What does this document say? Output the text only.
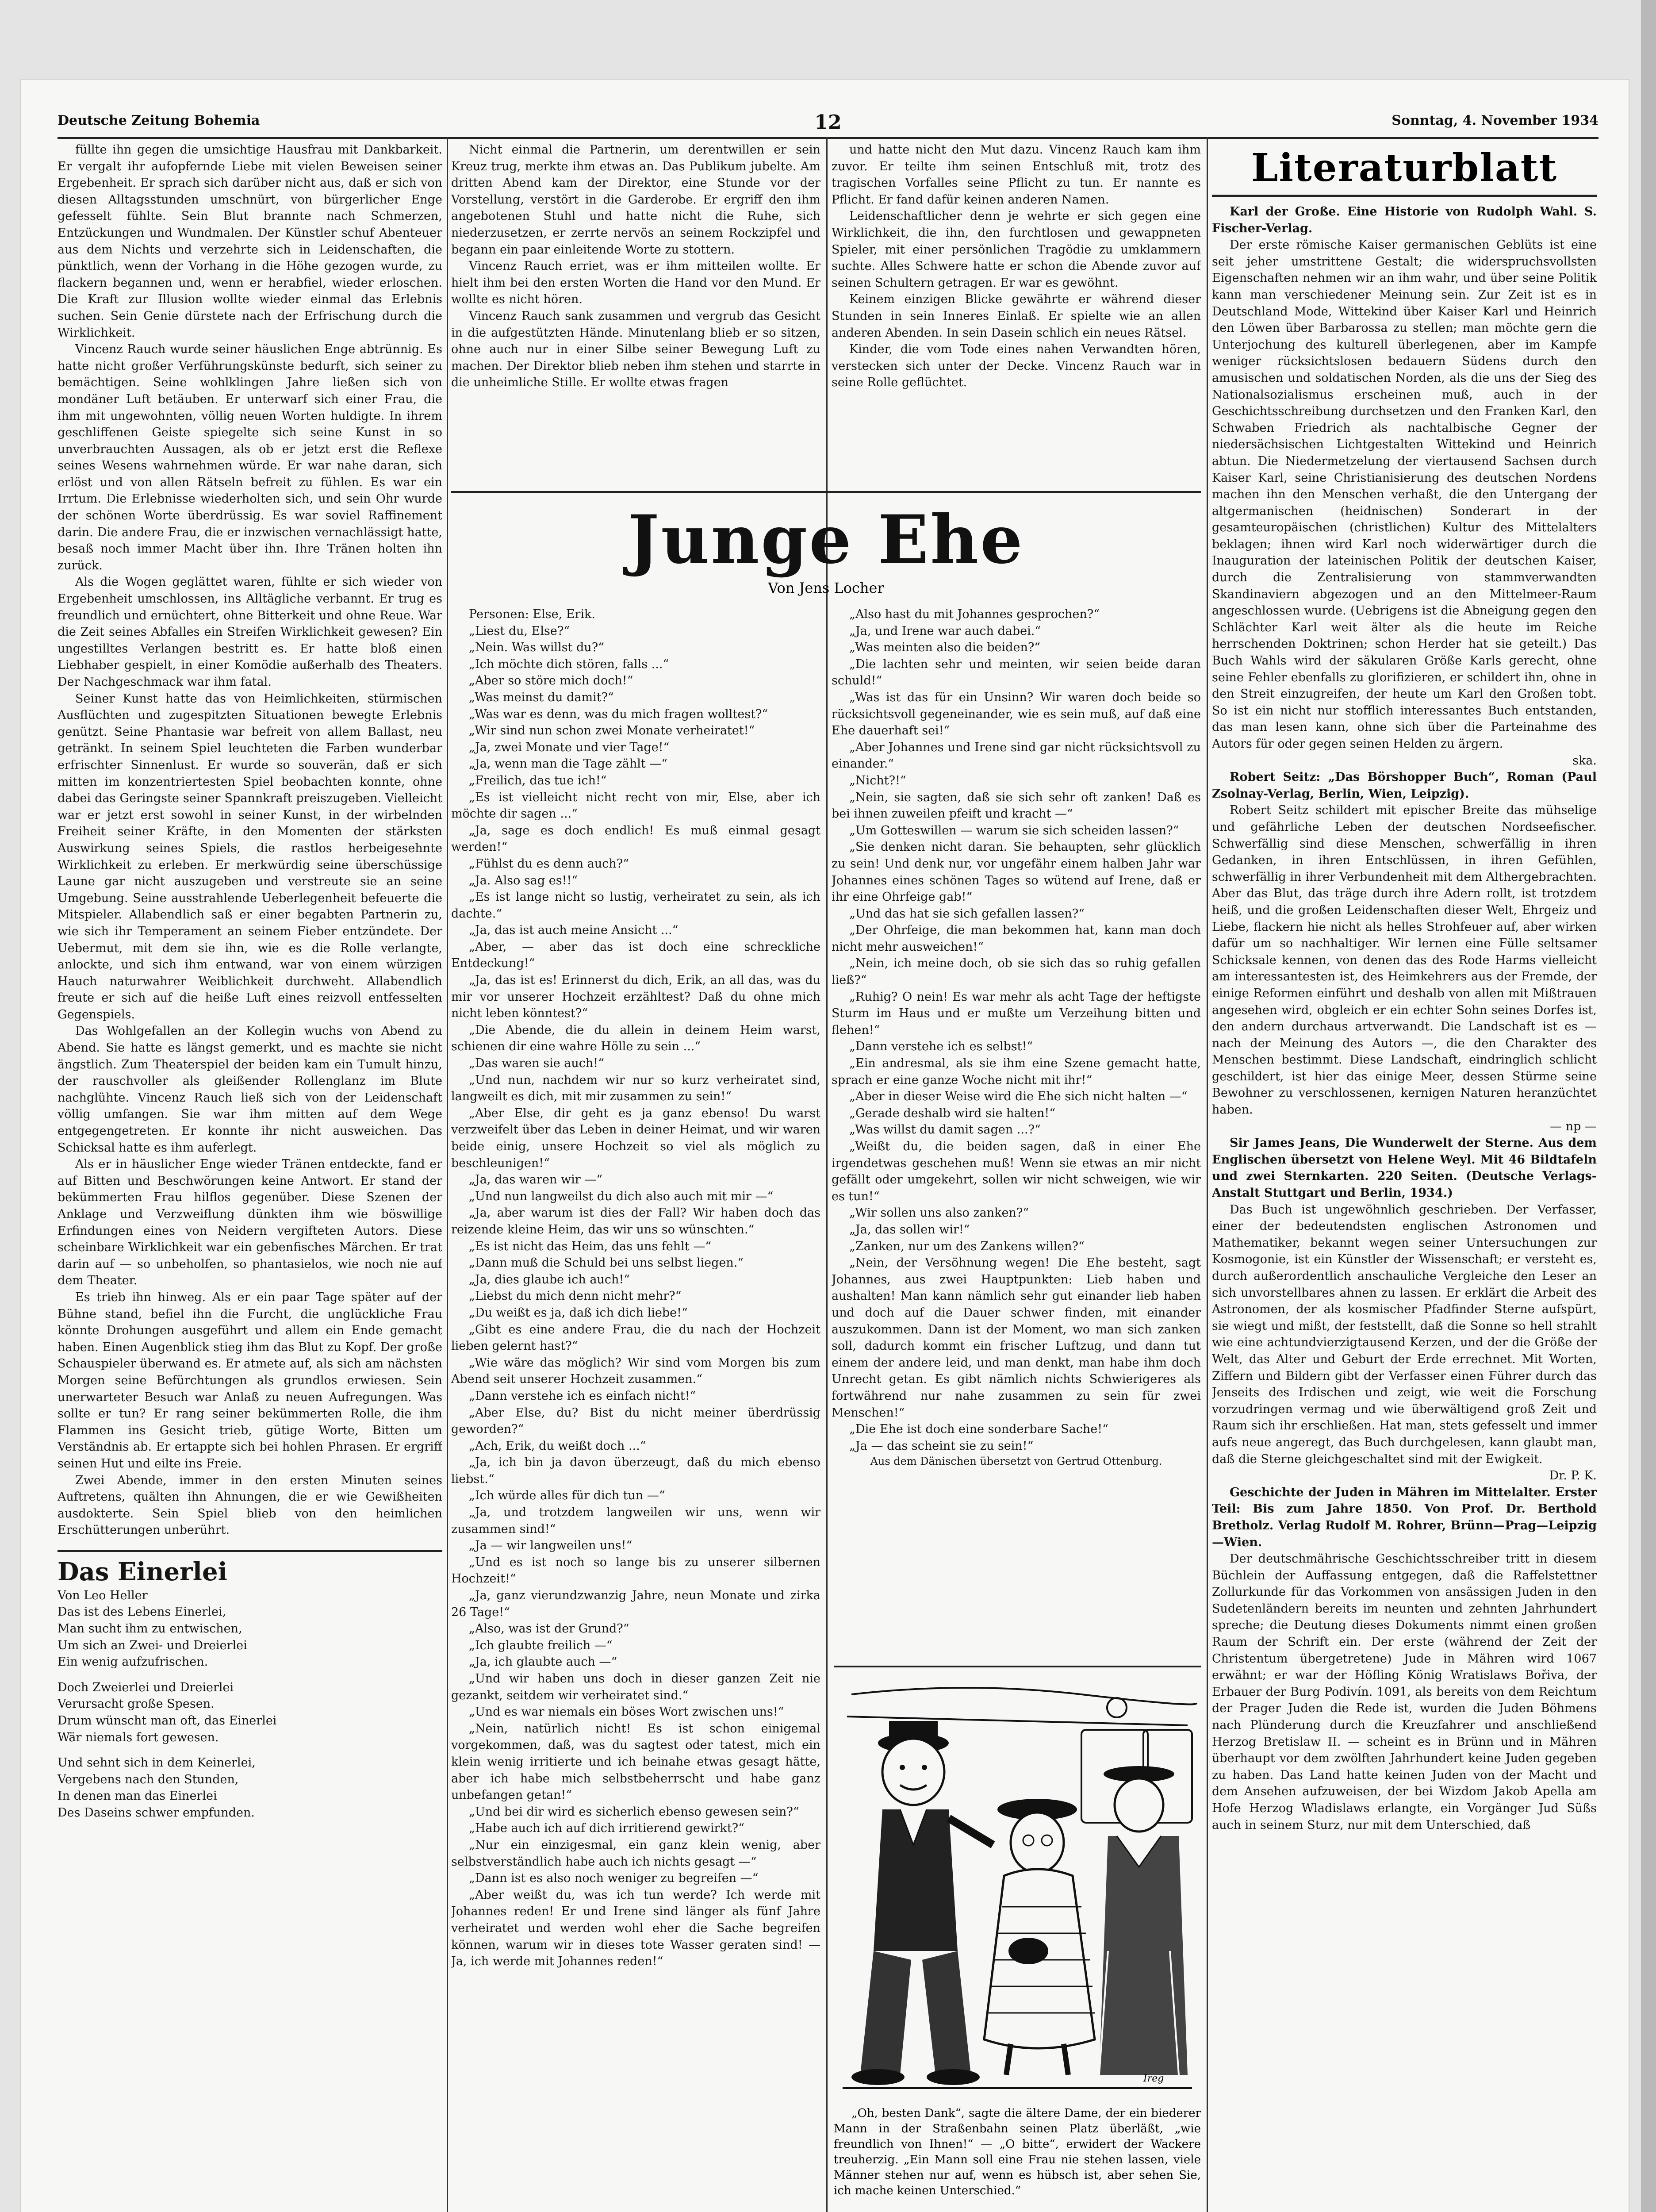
Deutsche Zeitung Bohemia	12	Sonntag, 4. November 1934

füllte ihn gegen die umsichtige Hausfrau mit Dankbarkeit. Er vergalt ihr aufopfernde Liebe mit vielen Beweisen seiner Ergebenheit. Er sprach sich darüber nicht aus, daß er sich von diesen Alltagsstunden umschnürt, von bürgerlicher Enge gefesselt fühlte. Sein Blut brannte nach Schmerzen, Entzückungen und Wundmalen. Der Künstler schuf Abenteuer aus dem Nichts und verzehrte sich in Leidenschaften, die pünktlich, wenn der Vorhang in die Höhe gezogen wurde, zu flackern begannen und, wenn er herabfiel, wieder erloschen. Die Kraft zur Illusion wollte wieder einmal das Erlebnis suchen. Sein Genie dürstete nach der Erfrischung durch die Wirklichkeit.

Vincenz Rauch wurde seiner häuslichen Enge abtrünnig. Es hatte nicht großer Verführungskünste bedurft, sich seiner zu bemächtigen. Seine wohlklingen Jahre ließen sich von mondäner Luft betäuben. Er unterwarf sich einer Frau, die ihm mit ungewohnten, völlig neuen Worten huldigte. In ihrem geschliffenen Geiste spiegelte sich seine Kunst in so unverbrauchten Aussagen, als ob er jetzt erst die Reflexe seines Wesens wahrnehmen würde. Er war nahe daran, sich erlöst und von allen Rätseln befreit zu fühlen. Es war ein Irrtum. Die Erlebnisse wiederholten sich, und sein Ohr wurde der schönen Worte überdrüssig. Es war soviel Raffinement darin. Die andere Frau, die er inzwischen vernachlässigt hatte, besaß noch immer Macht über ihn. Ihre Tränen holten ihn zurück.

Als die Wogen geglättet waren, fühlte er sich wieder von Ergebenheit umschlossen, ins Alltägliche verbannt. Er trug es freundlich und ernüchtert, ohne Bitterkeit und ohne Reue. War die Zeit seines Abfalles ein Streifen Wirklichkeit gewesen? Ein ungestilltes Verlangen bestritt es. Er hatte bloß einen Liebhaber gespielt, in einer Komödie außerhalb des Theaters. Der Nachgeschmack war ihm fatal.

Seiner Kunst hatte das von Heimlichkeiten, stürmischen Ausflüchten und zugespitzten Situationen bewegte Erlebnis genützt. Seine Phantasie war befreit von allem Ballast, neu getränkt. In seinem Spiel leuchteten die Farben wunderbar erfrischter Sinnenlust. Er wurde so souverän, daß er sich mitten im konzentriertesten Spiel beobachten konnte, ohne dabei das Geringste seiner Spannkraft preiszugeben. Vielleicht war er jetzt erst sowohl in seiner Kunst, in der wirbelnden Freiheit seiner Kräfte, in den Momenten der stärksten Auswirkung seines Spiels, die rastlos herbeigesehnte Wirklichkeit zu erleben. Er merkwürdig seine überschüssige Laune gar nicht auszugeben und verstreute sie an seine Umgebung. Seine ausstrahlende Ueberlegenheit befeuerte die Mitspieler. Allabendlich saß er einer begabten Partnerin zu, wie sich ihr Temperament an seinem Fieber entzündete. Der Uebermut, mit dem sie ihn, wie es die Rolle verlangte, anlockte, und sich ihm entwand, war von einem würzigen Hauch naturwahrer Weiblichkeit durchweht. Allabendlich freute er sich auf die heiße Luft eines reizvoll entfesselten Gegenspiels.

Das Wohlgefallen an der Kollegin wuchs von Abend zu Abend. Sie hatte es längst gemerkt, und es machte sie nicht ängstlich. Zum Theaterspiel der beiden kam ein Tumult hinzu, der rauschvoller als gleißender Rollenglanz im Blute nachglühte. Vincenz Rauch ließ sich von der Leidenschaft völlig umfangen. Sie war ihm mitten auf dem Wege entgegengetreten. Er konnte ihr nicht ausweichen. Das Schicksal hatte es ihm auferlegt.

Als er in häuslicher Enge wieder Tränen entdeckte, fand er auf Bitten und Beschwörungen keine Antwort. Er stand der bekümmerten Frau hilflos gegenüber. Diese Szenen der Anklage und Verzweiflung dünkten ihm wie böswillige Erfindungen eines von Neidern vergifteten Autors. Diese scheinbare Wirklichkeit war ein gebenfisches Märchen. Er trat darin auf — so unbeholfen, so phantasielos, wie noch nie auf dem Theater.

Es trieb ihn hinweg. Als er ein paar Tage später auf der Bühne stand, befiel ihn die Furcht, die unglückliche Frau könnte Drohungen ausgeführt und allem ein Ende gemacht haben. Einen Augenblick stieg ihm das Blut zu Kopf. Der große Schauspieler überwand es. Er atmete auf, als sich am nächsten Morgen seine Befürchtungen als grundlos erwiesen. Sein unerwarteter Besuch war Anlaß zu neuen Aufregungen. Was sollte er tun? Er rang seiner bekümmerten Rolle, die ihm Flammen ins Gesicht trieb, gütige Worte, Bitten um Verständnis ab. Er ertappte sich bei hohlen Phrasen. Er ergriff seinen Hut und eilte ins Freie.

Zwei Abende, immer in den ersten Minuten seines Auftretens, quälten ihn Ahnungen, die er wie Gewißheiten ausdokterte. Sein Spiel blieb von den heimlichen Erschütterungen unberührt.

Das Einerlei

Von Leo Heller

Das ist des Lebens Einerlei,

Man sucht ihm zu entwischen,

Um sich an Zwei- und Dreierlei

Ein wenig aufzufrischen.

Doch Zweierlei und Dreierlei

Verursacht große Spesen.

Drum wünscht man oft, das Einerlei

Wär niemals fort gewesen.

Und sehnt sich in dem Keinerlei,

Vergebens nach den Stunden,

In denen man das Einerlei

Des Daseins schwer empfunden.

Nicht einmal die Partnerin, um derentwillen er sein Kreuz trug, merkte ihm etwas an. Das Publikum jubelte. Am dritten Abend kam der Direktor, eine Stunde vor der Vorstellung, verstört in die Garderobe. Er ergriff den ihm angebotenen Stuhl und hatte nicht die Ruhe, sich niederzusetzen, er zerrte nervös an seinem Rockzipfel und begann ein paar einleitende Worte zu stottern.

Vincenz Rauch erriet, was er ihm mitteilen wollte. Er hielt ihm bei den ersten Worten die Hand vor den Mund. Er wollte es nicht hören.

Vincenz Rauch sank zusammen und vergrub das Gesicht in die aufgestützten Hände. Minutenlang blieb er so sitzen, ohne auch nur in einer Silbe seiner Bewegung Luft zu machen. Der Direktor blieb neben ihm stehen und starrte in die unheimliche Stille. Er wollte etwas fragen

und hatte nicht den Mut dazu. Vincenz Rauch kam ihm zuvor. Er teilte ihm seinen Entschluß mit, trotz des tragischen Vorfalles seine Pflicht zu tun. Er nannte es Pflicht. Er fand dafür keinen anderen Namen.

Leidenschaftlicher denn je wehrte er sich gegen eine Wirklichkeit, die ihn, den furchtlosen und gewappneten Spieler, mit einer persönlichen Tragödie zu umklammern suchte. Alles Schwere hatte er schon die Abende zuvor auf seinen Schultern getragen. Er war es gewöhnt.

Keinem einzigen Blicke gewährte er während dieser Stunden in sein Inneres Einlaß. Er spielte wie an allen anderen Abenden. In sein Dasein schlich ein neues Rätsel.

Kinder, die vom Tode eines nahen Verwandten hören, verstecken sich unter der Decke. Vincenz Rauch war in seine Rolle geflüchtet.

Junge Ehe
Von Jens Locher

Personen: Else, Erik.

„Liest du, Else?“

„Nein. Was willst du?“

„Ich möchte dich stören, falls ...“

„Aber so störe mich doch!“

„Was meinst du damit?“

„Was war es denn, was du mich fragen wolltest?“

„Wir sind nun schon zwei Monate verheiratet!“

„Ja, zwei Monate und vier Tage!“

„Ja, wenn man die Tage zählt —“

„Freilich, das tue ich!“

„Es ist vielleicht nicht recht von mir, Else, aber ich möchte dir sagen ...“

„Ja, sage es doch endlich! Es muß einmal gesagt werden!“

„Fühlst du es denn auch?“

„Ja. Also sag es!!“

„Es ist lange nicht so lustig, verheiratet zu sein, als ich dachte.“

„Ja, das ist auch meine Ansicht ...“

„Aber, — aber das ist doch eine schreckliche Entdeckung!“

„Ja, das ist es! Erinnerst du dich, Erik, an all das, was du mir vor unserer Hochzeit erzähltest? Daß du ohne mich nicht leben könntest?“

„Die Abende, die du allein in deinem Heim warst, schienen dir eine wahre Hölle zu sein ...“

„Das waren sie auch!“

„Und nun, nachdem wir nur so kurz verheiratet sind, langweilt es dich, mit mir zusammen zu sein!“

„Aber Else, dir geht es ja ganz ebenso! Du warst verzweifelt über das Leben in deiner Heimat, und wir waren beide einig, unsere Hochzeit so viel als möglich zu beschleunigen!“

„Ja, das waren wir —“

„Und nun langweilst du dich also auch mit mir —“

„Ja, aber warum ist dies der Fall? Wir haben doch das reizende kleine Heim, das wir uns so wünschten.“

„Es ist nicht das Heim, das uns fehlt —“

„Dann muß die Schuld bei uns selbst liegen.“

„Ja, dies glaube ich auch!“

„Liebst du mich denn nicht mehr?“

„Du weißt es ja, daß ich dich liebe!“

„Gibt es eine andere Frau, die du nach der Hochzeit lieben gelernt hast?“

„Wie wäre das möglich? Wir sind vom Morgen bis zum Abend seit unserer Hochzeit zusammen.“

„Dann verstehe ich es einfach nicht!“

„Aber Else, du? Bist du nicht meiner überdrüssig geworden?“

„Ach, Erik, du weißt doch ...“

„Ja, ich bin ja davon überzeugt, daß du mich ebenso liebst.“

„Ich würde alles für dich tun —“

„Ja, und trotzdem langweilen wir uns, wenn wir zusammen sind!“

„Ja — wir langweilen uns!“

„Und es ist noch so lange bis zu unserer silbernen Hochzeit!“

„Ja, ganz vierundzwanzig Jahre, neun Monate und zirka 26 Tage!“

„Also, was ist der Grund?“

„Ich glaubte freilich —“

„Ja, ich glaubte auch —“

„Und wir haben uns doch in dieser ganzen Zeit nie gezankt, seitdem wir verheiratet sind.“

„Und es war niemals ein böses Wort zwischen uns!“

„Nein, natürlich nicht! Es ist schon einigemal vorgekommen, daß, was du sagtest oder tatest, mich ein klein wenig irritierte und ich beinahe etwas gesagt hätte, aber ich habe mich selbstbeherrscht und habe ganz unbefangen getan!“

„Und bei dir wird es sicherlich ebenso gewesen sein?“

„Habe auch ich auf dich irritierend gewirkt?“

„Nur ein einzigesmal, ein ganz klein wenig, aber selbstverständlich habe auch ich nichts gesagt —“

„Dann ist es also noch weniger zu begreifen —“

„Aber weißt du, was ich tun werde? Ich werde mit Johannes reden! Er und Irene sind länger als fünf Jahre verheiratet und werden wohl eher die Sache begreifen können, warum wir in dieses tote Wasser geraten sind! — Ja, ich werde mit Johannes reden!“

„Also hast du mit Johannes gesprochen?“

„Ja, und Irene war auch dabei.“

„Was meinten also die beiden?“

„Die lachten sehr und meinten, wir seien beide daran schuld!“

„Was ist das für ein Unsinn? Wir waren doch beide so rücksichtsvoll gegeneinander, wie es sein muß, auf daß eine Ehe dauerhaft sei!“

„Aber Johannes und Irene sind gar nicht rücksichtsvoll zu einander.“

„Nicht?!“

„Nein, sie sagten, daß sie sich sehr oft zanken! Daß es bei ihnen zuweilen pfeift und kracht —“

„Um Gotteswillen — warum sie sich scheiden lassen?“

„Sie denken nicht daran. Sie behaupten, sehr glücklich zu sein! Und denk nur, vor ungefähr einem halben Jahr war Johannes eines schönen Tages so wütend auf Irene, daß er ihr eine Ohrfeige gab!“

„Und das hat sie sich gefallen lassen?“

„Der Ohrfeige, die man bekommen hat, kann man doch nicht mehr ausweichen!“

„Nein, ich meine doch, ob sie sich das so ruhig gefallen ließ?“

„Ruhig? O nein! Es war mehr als acht Tage der heftigste Sturm im Haus und er mußte um Verzeihung bitten und flehen!“

„Dann verstehe ich es selbst!“

„Ein andresmal, als sie ihm eine Szene gemacht hatte, sprach er eine ganze Woche nicht mit ihr!“

„Aber in dieser Weise wird die Ehe sich nicht halten —“

„Gerade deshalb wird sie halten!“

„Was willst du damit sagen ...?“

„Weißt du, die beiden sagen, daß in einer Ehe irgendetwas geschehen muß! Wenn sie etwas an mir nicht gefällt oder umgekehrt, sollen wir nicht schweigen, wie wir es tun!“

„Wir sollen uns also zanken?“

„Ja, das sollen wir!“

„Zanken, nur um des Zankens willen?“

„Nein, der Versöhnung wegen! Die Ehe besteht, sagt Johannes, aus zwei Hauptpunkten: Lieb haben und aushalten! Man kann nämlich sehr gut einander lieb haben und doch auf die Dauer schwer finden, mit einander auszukommen. Dann ist der Moment, wo man sich zanken soll, dadurch kommt ein frischer Luftzug, und dann tut einem der andere leid, und man denkt, man habe ihm doch Unrecht getan. Es gibt nämlich nichts Schwierigeres als fortwährend nur nahe zusammen zu sein für zwei Menschen!“

„Die Ehe ist doch eine sonderbare Sache!“

„Ja — das scheint sie zu sein!“

Aus dem Dänischen übersetzt von Gertrud Ottenburg.

Ireg

„Oh, besten Dank“, sagte die ältere Dame, der ein biederer Mann in der Straßenbahn seinen Platz überläßt, „wie freundlich von Ihnen!“ — „O bitte“, erwidert der Wackere treuherzig. „Ein Mann soll eine Frau nie stehen lassen, viele Männer stehen nur auf, wenn es hübsch ist, aber sehen Sie, ich mache keinen Unterschied.“

Literaturblatt

Karl der Große. Eine Historie von Rudolph Wahl. S. Fischer-Verlag.

Der erste römische Kaiser germanischen Geblüts ist eine seit jeher umstrittene Gestalt; die widerspruchsvollsten Eigenschaften nehmen wir an ihm wahr, und über seine Politik kann man verschiedener Meinung sein. Zur Zeit ist es in Deutschland Mode, Wittekind über Kaiser Karl und Heinrich den Löwen über Barbarossa zu stellen; man möchte gern die Unterjochung des kulturell überlegenen, aber im Kampfe weniger rücksichtslosen bedauern Südens durch den amusischen und soldatischen Norden, als die uns der Sieg des Nationalsozialismus erscheinen muß, auch in der Geschichtsschreibung durchsetzen und den Franken Karl, den Schwaben Friedrich als nachtalbische Gegner der niedersächsischen Lichtgestalten Wittekind und Heinrich abtun. Die Niedermetzelung der viertausend Sachsen durch Kaiser Karl, seine Christianisierung des deutschen Nordens machen ihn den Menschen verhaßt, die den Untergang der altgermanischen (heidnischen) Sonderart in der gesamteuropäischen (christlichen) Kultur des Mittelalters beklagen; ihnen wird Karl noch widerwärtiger durch die Inauguration der lateinischen Politik der deutschen Kaiser, durch die Zentralisierung von stammverwandten Skandinaviern abgezogen und an den Mittelmeer-Raum angeschlossen wurde. (Uebrigens ist die Abneigung gegen den Schlächter Karl weit älter als die heute im Reiche herrschenden Doktrinen; schon Herder hat sie geteilt.) Das Buch Wahls wird der säkularen Größe Karls gerecht, ohne seine Fehler ebenfalls zu glorifizieren, er schildert ihn, ohne in den Streit einzugreifen, der heute um Karl den Großen tobt. So ist ein nicht nur stofflich interessantes Buch entstanden, das man lesen kann, ohne sich über die Parteinahme des Autors für oder gegen seinen Helden zu ärgern.

ska.

Robert Seitz: „Das Börshopper Buch“, Roman (Paul Zsolnay-Verlag, Berlin, Wien, Leipzig).

Robert Seitz schildert mit epischer Breite das mühselige und gefährliche Leben der deutschen Nordseefischer. Schwerfällig sind diese Menschen, schwerfällig in ihren Gedanken, in ihren Entschlüssen, in ihren Gefühlen, schwerfällig in ihrer Verbundenheit mit dem Althergebrachten. Aber das Blut, das träge durch ihre Adern rollt, ist trotzdem heiß, und die großen Leidenschaften dieser Welt, Ehrgeiz und Liebe, flackern hie nicht als helles Strohfeuer auf, aber wirken dafür um so nachhaltiger. Wir lernen eine Fülle seltsamer Schicksale kennen, von denen das des Rode Harms vielleicht am interessantesten ist, des Heimkehrers aus der Fremde, der einige Reformen einführt und deshalb von allen mit Mißtrauen angesehen wird, obgleich er ein echter Sohn seines Dorfes ist, den andern durchaus artverwandt. Die Landschaft ist es — nach der Meinung des Autors —, die den Charakter des Menschen bestimmt. Diese Landschaft, eindringlich schlicht geschildert, ist hier das einige Meer, dessen Stürme seine Bewohner zu verschlossenen, kernigen Naturen heranzüchtet haben.

— np —

Sir James Jeans, Die Wunderwelt der Sterne. Aus dem Englischen übersetzt von Helene Weyl. Mit 46 Bildtafeln und zwei Sternkarten. 220 Seiten. (Deutsche Verlags-Anstalt Stuttgart und Berlin, 1934.)

Das Buch ist ungewöhnlich geschrieben. Der Verfasser, einer der bedeutendsten englischen Astronomen und Mathematiker, bekannt wegen seiner Untersuchungen zur Kosmogonie, ist ein Künstler der Wissenschaft; er versteht es, durch außerordentlich anschauliche Vergleiche den Leser an sich unvorstellbares ahnen zu lassen. Er erklärt die Arbeit des Astronomen, der als kosmischer Pfadfinder Sterne aufspürt, sie wiegt und mißt, der feststellt, daß die Sonne so hell strahlt wie eine achtundvierzigtausend Kerzen, und der die Größe der Welt, das Alter und Geburt der Erde errechnet. Mit Worten, Ziffern und Bildern gibt der Verfasser einen Führer durch das Jenseits des Irdischen und zeigt, wie weit die Forschung vorzudringen vermag und wie überwältigend groß Zeit und Raum sich ihr erschließen. Hat man, stets gefesselt und immer aufs neue angeregt, das Buch durchgelesen, kann glaubt man, daß die Sterne gleichgeschaltet sind mit der Ewigkeit.

Dr. P. K.

Geschichte der Juden in Mähren im Mittelalter. Erster Teil: Bis zum Jahre 1850. Von Prof. Dr. Berthold Bretholz. Verlag Rudolf M. Rohrer, Brünn—Prag—Leipzig—Wien.

Der deutschmährische Geschichtsschreiber tritt in diesem Büchlein der Auffassung entgegen, daß die Raffelstettner Zollurkunde für das Vorkommen von ansässigen Juden in den Sudetenländern bereits im neunten und zehnten Jahrhundert spreche; die Deutung dieses Dokuments nimmt einen großen Raum der Schrift ein. Der erste (während der Zeit der Christentum übergetretene) Jude in Mähren wird 1067 erwähnt; er war der Höfling König Wratislaws Bořiva, der Erbauer der Burg Podivín. 1091, als bereits von dem Reichtum der Prager Juden die Rede ist, wurden die Juden Böhmens nach Plünderung durch die Kreuzfahrer und anschließend Herzog Bretislaw II. — scheint es in Brünn und in Mähren überhaupt vor dem zwölften Jahrhundert keine Juden gegeben zu haben. Das Land hatte keinen Juden von der Macht und dem Ansehen aufzuweisen, der bei Wizdom Jakob Apella am Hofe Herzog Wladislaws erlangte, ein Vorgänger Jud Süßs auch in seinem Sturz, nur mit dem Unterschied, daß
